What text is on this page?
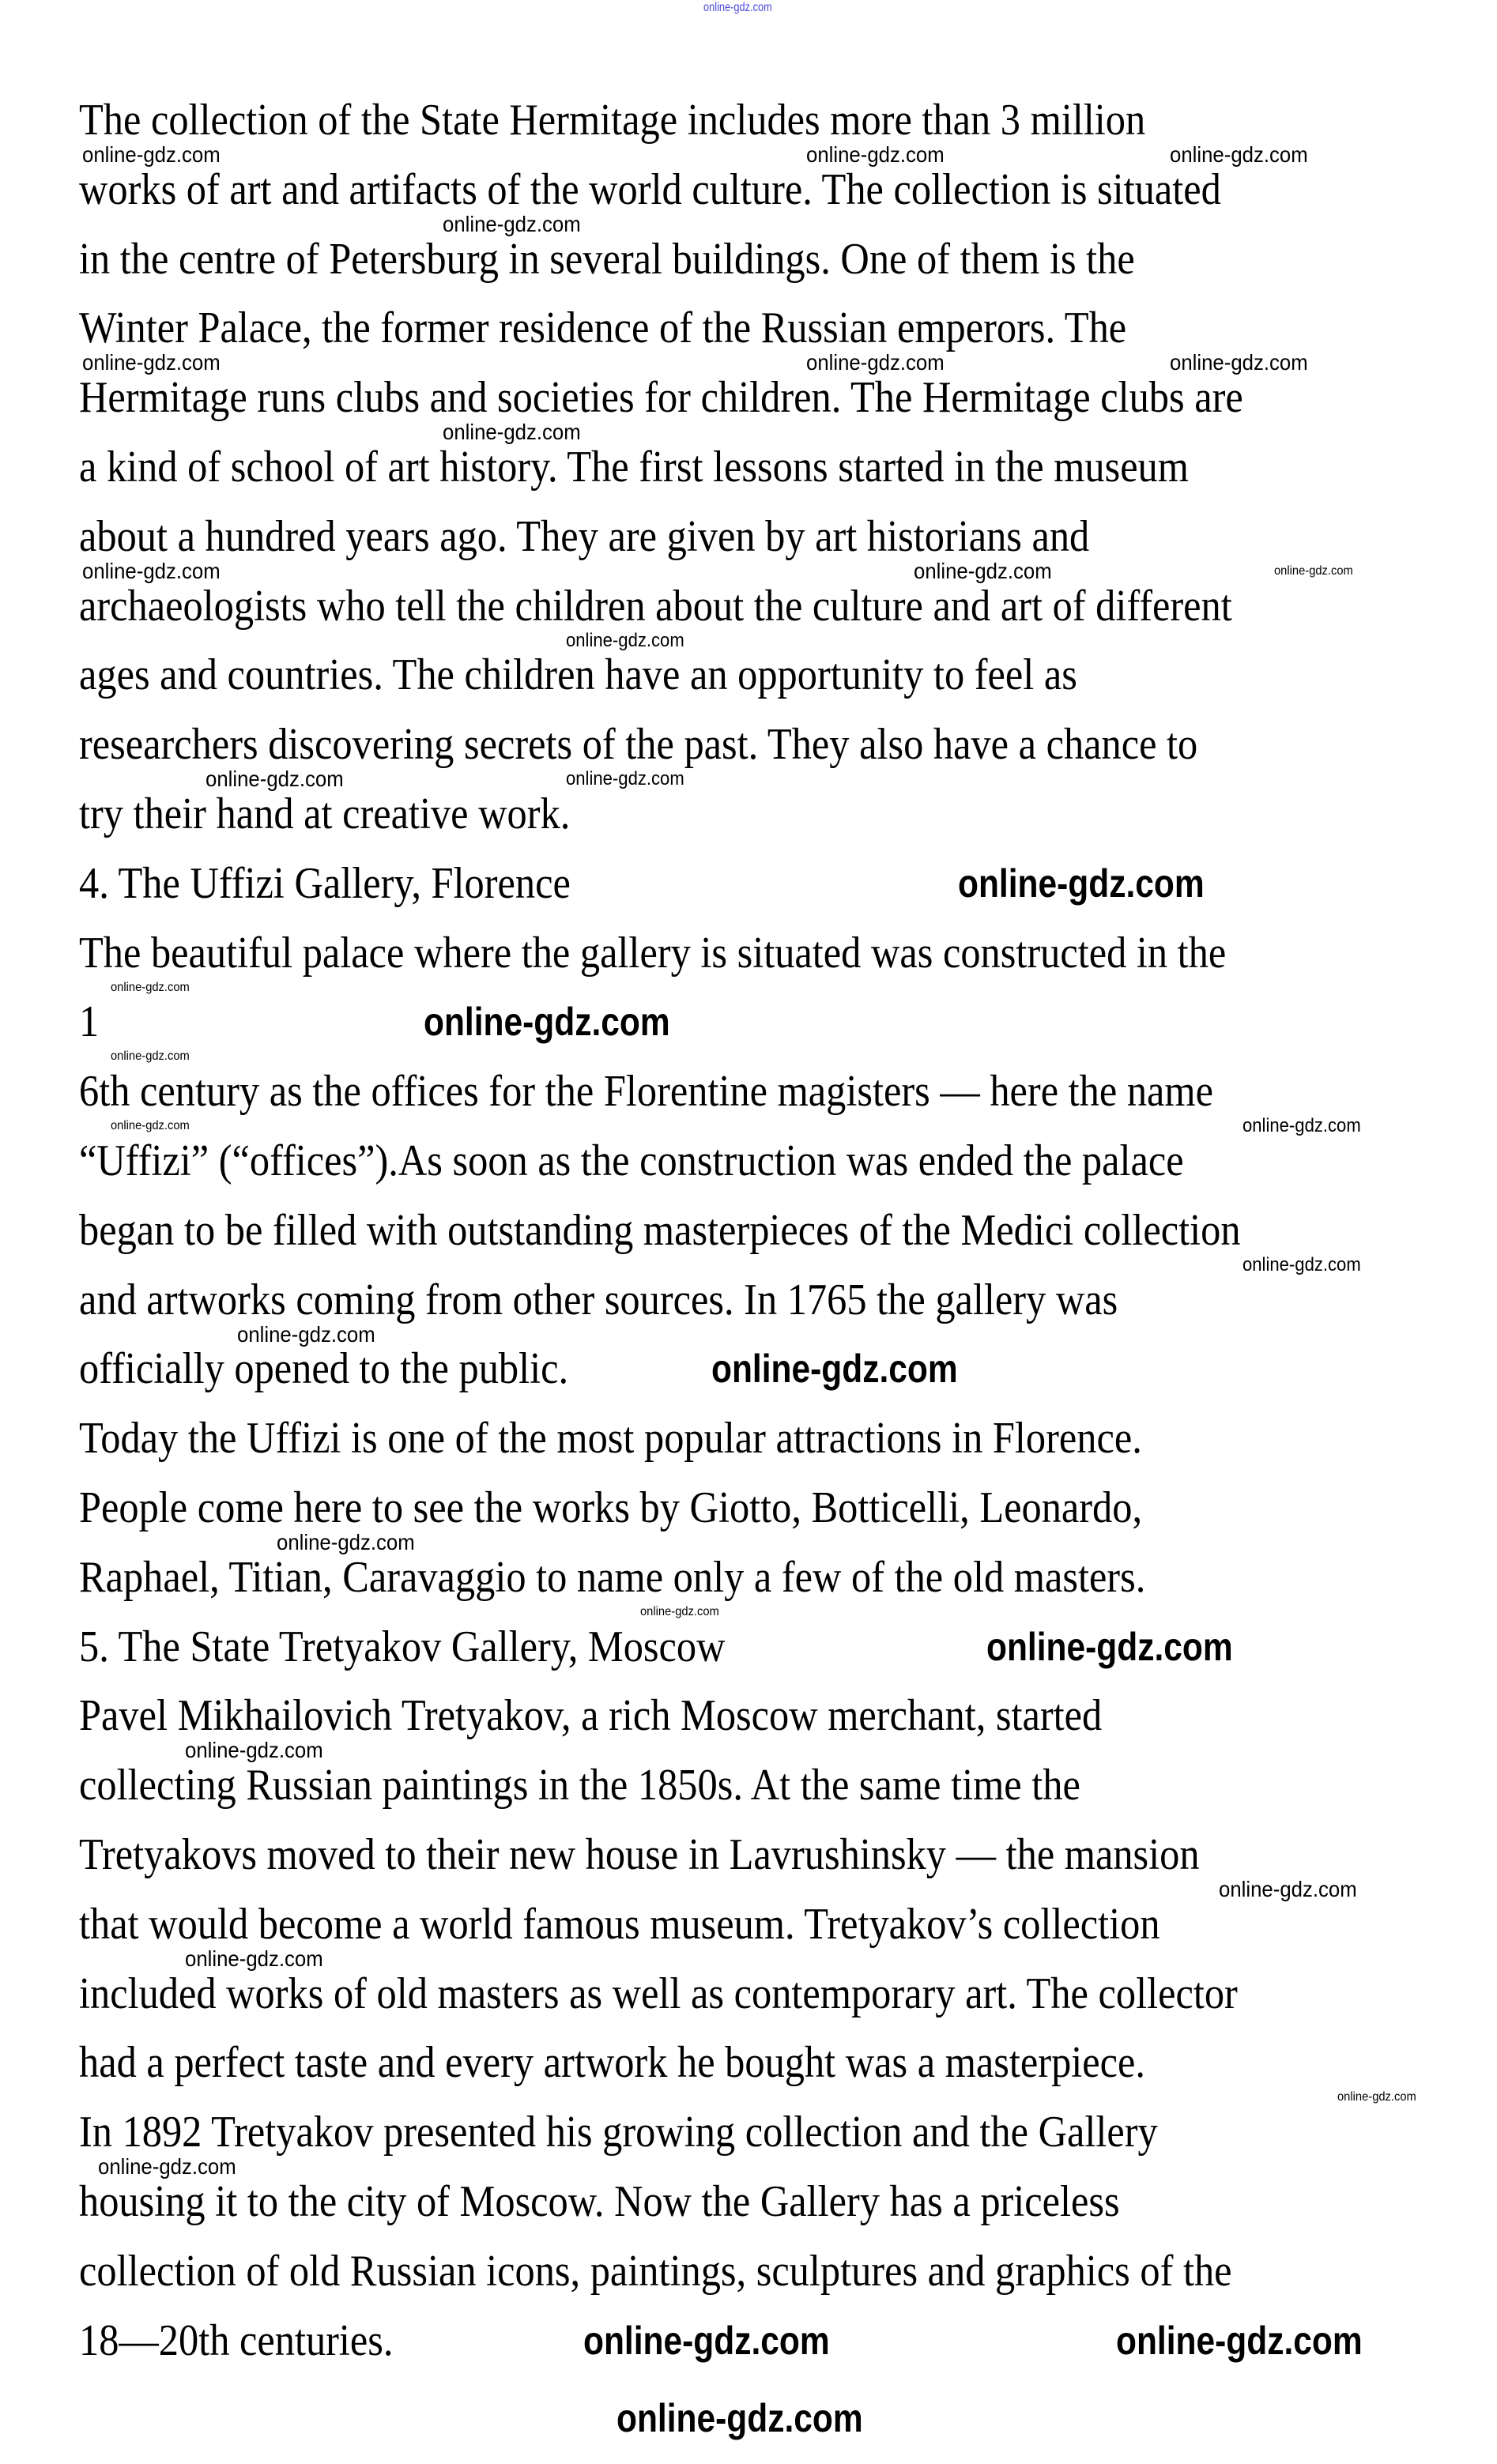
online-gdz.com
The collection of the State Hermitage includes more than 3 million
works of art and artifacts of the world culture. The collection is situated
in the centre of Petersburg in several buildings. One of them is the
Winter Palace, the former residence of the Russian emperors. The
Hermitage runs clubs and societies for children. The Hermitage clubs are
a kind of school of art history. The first lessons started in the museum
about a hundred years ago. They are given by art historians and
archaeologists who tell the children about the culture and art of different
ages and countries. The children have an opportunity to feel as
researchers discovering secrets of the past. They also have a chance to
try their hand at creative work.
4. The Uffizi Gallery, Florence
The beautiful palace where the gallery is situated was constructed in the
1
6th century as the offices for the Florentine magisters — here the name
“Uffizi” (“offices”).As soon as the construction was ended the palace
began to be filled with outstanding masterpieces of the Medici collection
and artworks coming from other sources. In 1765 the gallery was
officially opened to the public.
Today the Uffizi is one of the most popular attractions in Florence.
People come here to see the works by Giotto, Botticelli, Leonardo,
Raphael, Titian, Caravaggio to name only a few of the old masters.
5. The State Tretyakov Gallery, Moscow
Pavel Mikhailovich Tretyakov, a rich Moscow merchant, started
collecting Russian paintings in the 1850s. At the same time the
Tretyakovs moved to their new house in Lavrushinsky — the mansion
that would become a world famous museum. Tretyakov’s collection
included works of old masters as well as contemporary art. The collector
had a perfect taste and every artwork he bought was a masterpiece.
In 1892 Tretyakov presented his growing collection and the Gallery
housing it to the city of Moscow. Now the Gallery has a priceless
collection of old Russian icons, paintings, sculptures and graphics of the
18—20th centuries.
online-gdz.com	online-gdz.com	online-gdz.com
online-gdz.com
online-gdz.com	online-gdz.com	online-gdz.com
online-gdz.com
online-gdz.com	online-gdz.com	online-gdz.com
online-gdz.com
online-gdz.com	online-gdz.com
online-gdz.com
online-gdz.com
online-gdz.com
online-gdz.com
online-gdz.com
online-gdz.com
online-gdz.com
online-gdz.com
online-gdz.com
online-gdz.com
online-gdz.com
online-gdz.com
online-gdz.com
online-gdz.com
online-gdz.com
online-gdz.com
online-gdz.com
online-gdz.com
online-gdz.com	online-gdz.com
